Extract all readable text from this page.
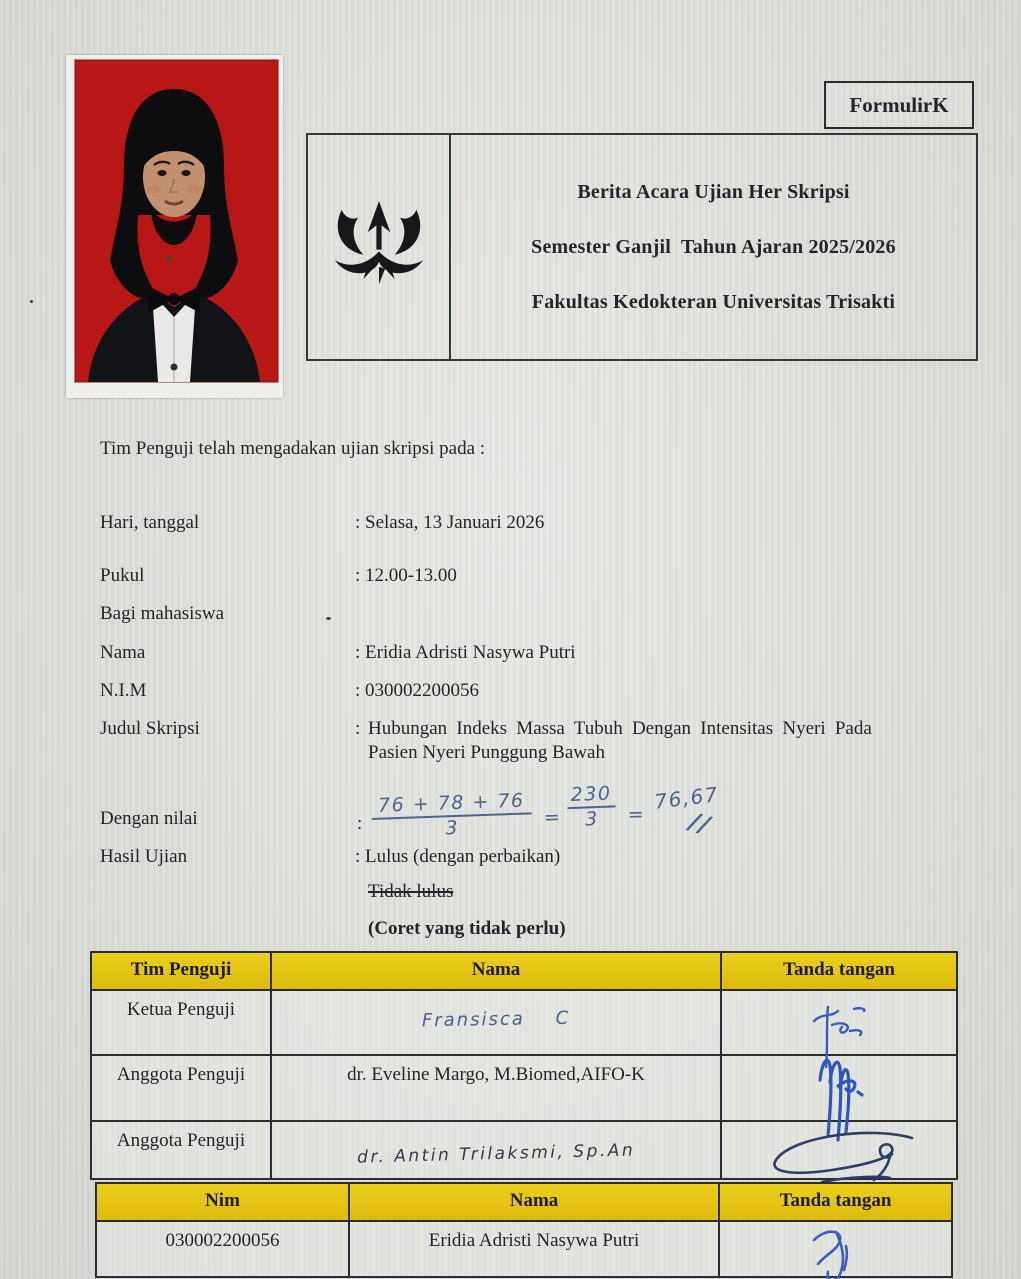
FormulirK
Berita Acara Ujian Her Skripsi
Semester Ganjil  Tahun Ajaran 2025/2026
Fakultas Kedokteran Universitas Trisakti
Tim Penguji telah mengadakan ujian skripsi pada :
Hari, tanggal	: Selasa, 13 Januari 2026
Pukul	: 12.00-13.00
Bagi mahasiswa
Nama	: Eridia Adristi Nasywa Putri
N.I.M	: 030002200056
Judul Skripsi	: Hubungan Indeks Massa Tubuh Dengan Intensitas Nyeri Pada
Pasien Nyeri Punggung Bawah
Dengan nilai	:
76 + 78 + 76
3	=
230
3	=
76,67
//
Hasil Ujian	: Lulus (dengan perbaikan)
Tidak lulus
(Coret yang tidak perlu)
Tim Penguji	Nama	Tanda tangan
Ketua Penguji	Fransisca    C

Anggota Penguji	dr. Eveline Margo, M.Biomed,AIFO-K	

Anggota Penguji	dr. Antin Trilaksmi, Sp.An

Nim	Nama	Tanda tangan
030002200056	Eridia Adristi Nasywa Putri	
